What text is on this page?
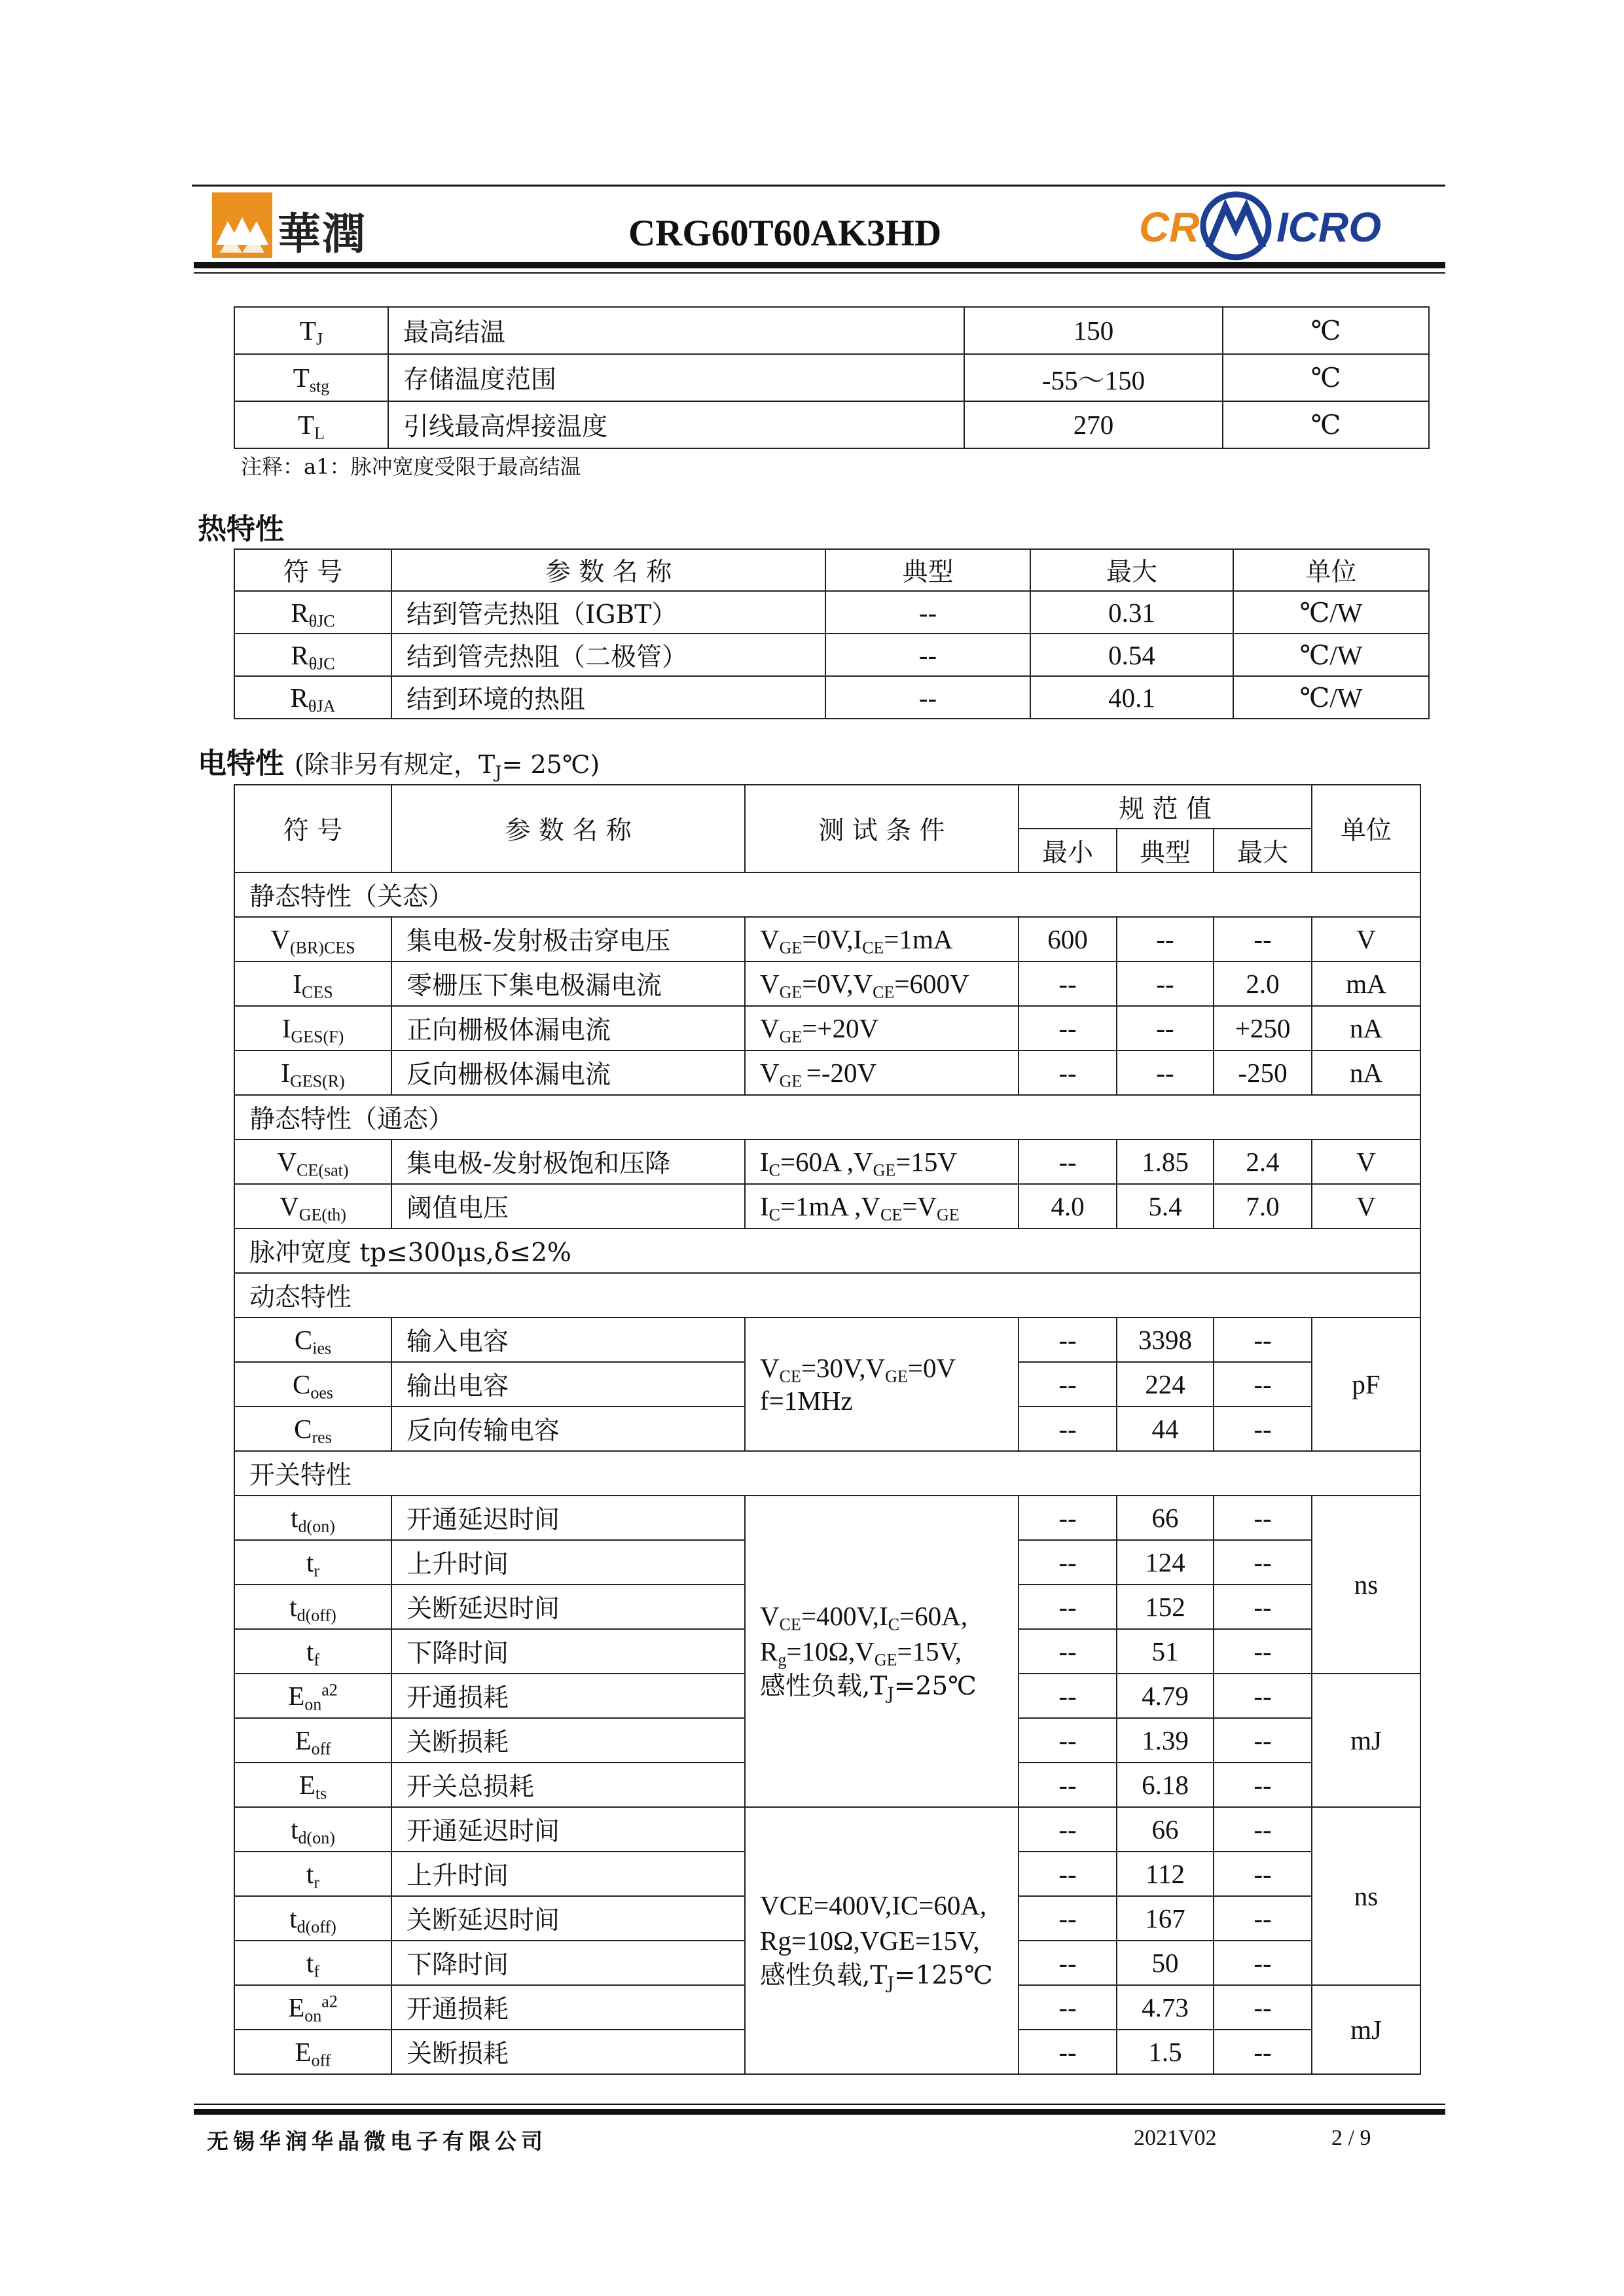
華潤	CRG60T60AK3HD	CR ICRO
$T_J$	最高结温	150	℃
$T_{stg}$	存储温度范围	-55～150	℃
$T_L$	引线最高焊接温度	270	℃
注释：a1：脉冲宽度受限于最高结温
热特性
符 号	参 数 名 称	典型	最大	单位
$R_{\theta JC}$	结到管壳热阻（IGBT）	--	0.31	℃/W
$R_{\theta JC}$	结到管壳热阻（二极管）	--	0.54	℃/W
$R_{\theta JA}$	结到环境的热阻	--	40.1	℃/W
电特性 (除非另有规定，$T_J=$ 25℃)
符 号	参 数 名 称	测 试 条 件	规 范 值			单位
			最小	典型	最大	
静态特性（关态）						
$V_{(BR)CES}$	集电极-发射极击穿电压	$V_{GE}=0V,I_{CE}=1mA$	600	--	--	V
$I_{CES}$	零栅压下集电极漏电流	$V_{GE}=0V,V_{CE}=600V$	--	--	2.0	mA
$I_{GES(F)}$	正向栅极体漏电流	$V_{GE}=+20V$	--	--	+250	nA
$I_{GES(R)}$	反向栅极体漏电流	$V_{GE} =-20V$	--	--	-250	nA
静态特性（通态）						
$V_{CE(sat)}$	集电极-发射极饱和压降	$I_C=60A$ $,V_{GE}=15V$	--	1.85	2.4	V
$V_{GE(th)}$	阈值电压	$I_C=1mA$ $,V_{CE}=V_{GE}$	4.0	5.4	7.0	V
脉冲宽度 tp≤300μs,δ≤2%						
动态特性						
$C_{ies}$	输入电容	$V_{CE}=30V,V_{GE}=0V$
f=1MHz	--	3398	--	pF
$C_{oes}$	输出电容		--	224	--	
$C_{res}$	反向传输电容		--	44	--	
开关特性						
$t_{d(on)}$	开通延迟时间	$V_{CE}=400V,I_C=60A$,
$R_g=10\Omega,V_{GE}=15V$,
感性负载$,T_J=25℃$	--	66	--	ns
$t_r$	上升时间		--	124	--	
$t_{d(off)}$	关断延迟时间		--	152	--	
$t_f$	下降时间		--	51	--	
$E_{on}^{a2}$	开通损耗		--	4.79	--	mJ
$E_{off}$	关断损耗		--	1.39	--	
$E_{ts}$	开关总损耗		--	6.18	--	
$t_{d(on)}$	开通延迟时间	VCE=400V,IC=60A,
Rg=10Ω,VGE=15V,
感性负载$,T_J=125℃$	--	66	--	ns
$t_r$	上升时间		--	112	--	
$t_{d(off)}$	关断延迟时间		--	167	--	
$t_f$	下降时间		--	50	--	
$E_{on}^{a2}$	开通损耗		--	4.73	--	mJ
$E_{off}$	关断损耗		--	1.5	--	
无锡华润华晶微电子有限公司	2021V02	2 / 9
